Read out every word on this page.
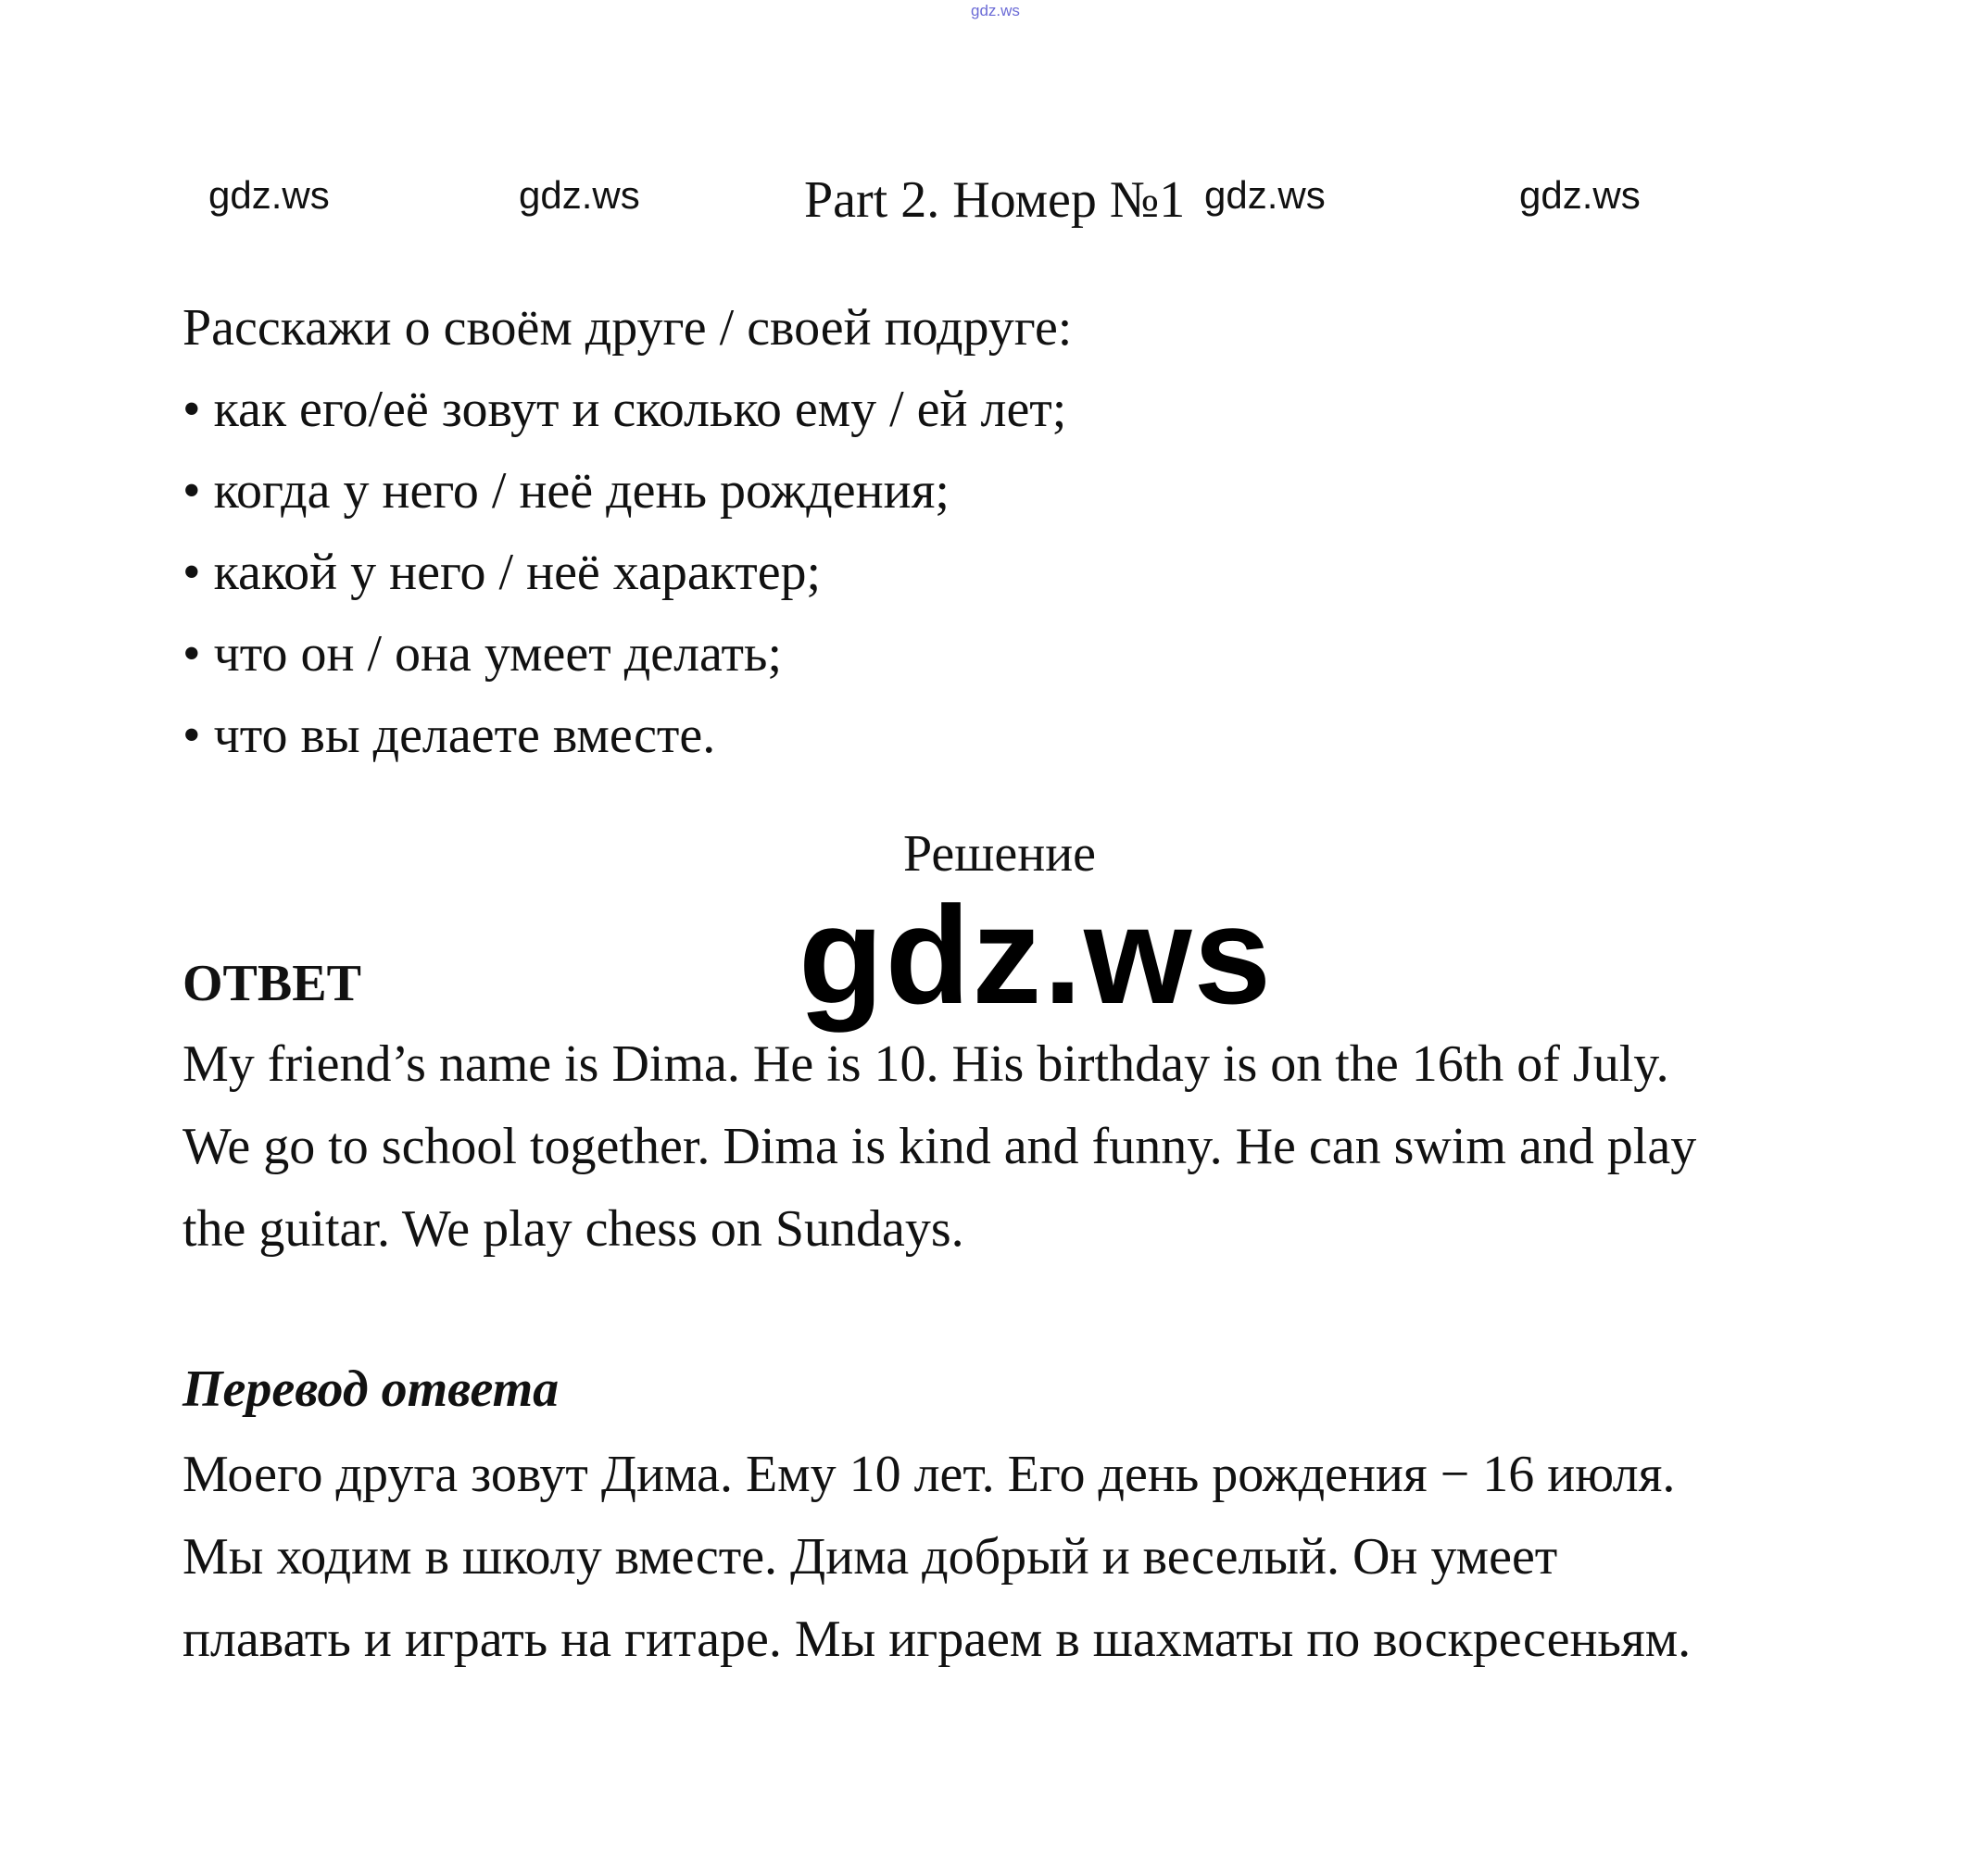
gdz.ws
gdz.ws	gdz.ws	Part 2. Номер №1 gdz.ws	gdz.ws
Расскажи о своём друге / своей подруге:
• как его/её зовут и сколько ему / ей лет;
• когда у него / неё день рождения;
• какой у него / неё характер;
• что он / она умеет делать;
• что вы делаете вместе.
Решение
gdz.ws
ОТВЕТ
My friend’s name is Dima. He is 10. His birthday is on the 16th of July.
We go to school together. Dima is kind and funny. He can swim and play
the guitar. We play chess on Sundays.
Перевод ответа
Моего друга зовут Дима. Ему 10 лет. Его день рождения − 16 июля.
Мы ходим в школу вместе. Дима добрый и веселый. Он умеет
плавать и играть на гитаре. Мы играем в шахматы по воскресеньям.
